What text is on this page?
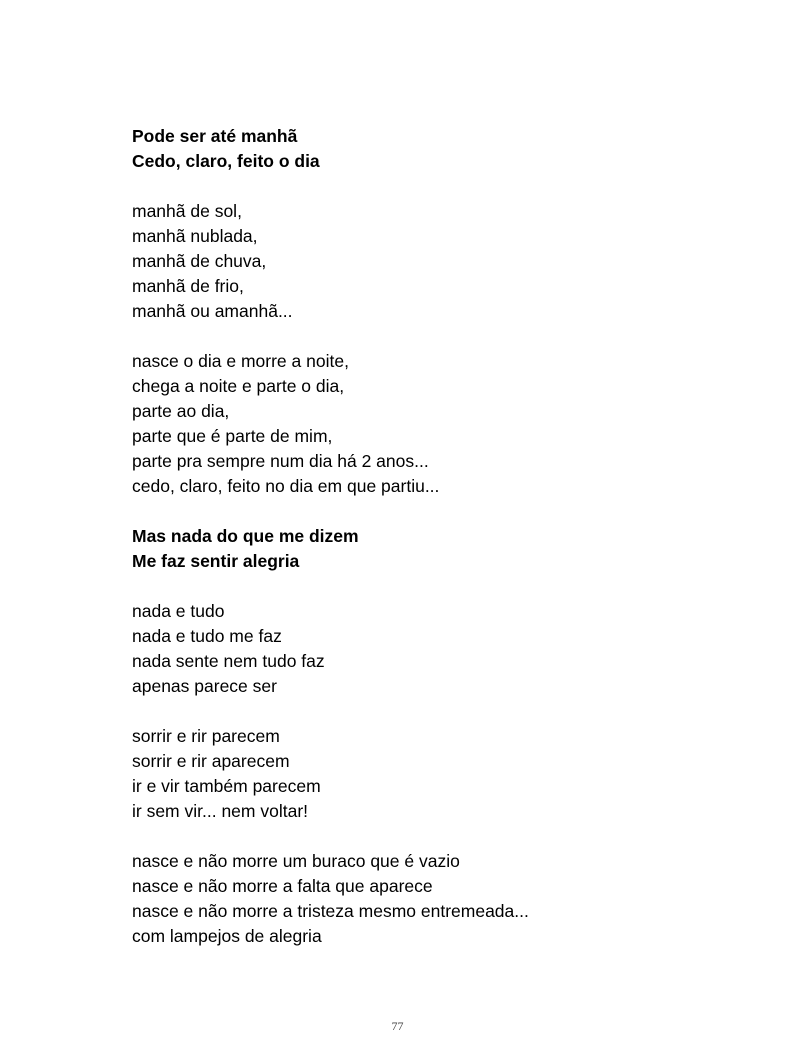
Pode ser até manhã
Cedo, claro, feito o dia
manhã de sol,
manhã nublada,
manhã de chuva,
manhã de frio,
manhã ou amanhã...
nasce o dia e morre a noite,
chega a noite e parte o dia,
parte ao dia,
parte que é parte de mim,
parte pra sempre num dia há 2 anos...
cedo, claro, feito no dia em que partiu...
Mas nada do que me dizem
Me faz sentir alegria
nada e tudo
nada e tudo me faz
nada sente nem tudo faz
apenas parece ser
sorrir e rir parecem
sorrir e rir aparecem
ir e vir também parecem
ir sem vir... nem voltar!
nasce e não morre um buraco que é vazio
nasce e não morre a falta que aparece
nasce e não morre a tristeza mesmo entremeada...
com lampejos de alegria
77
